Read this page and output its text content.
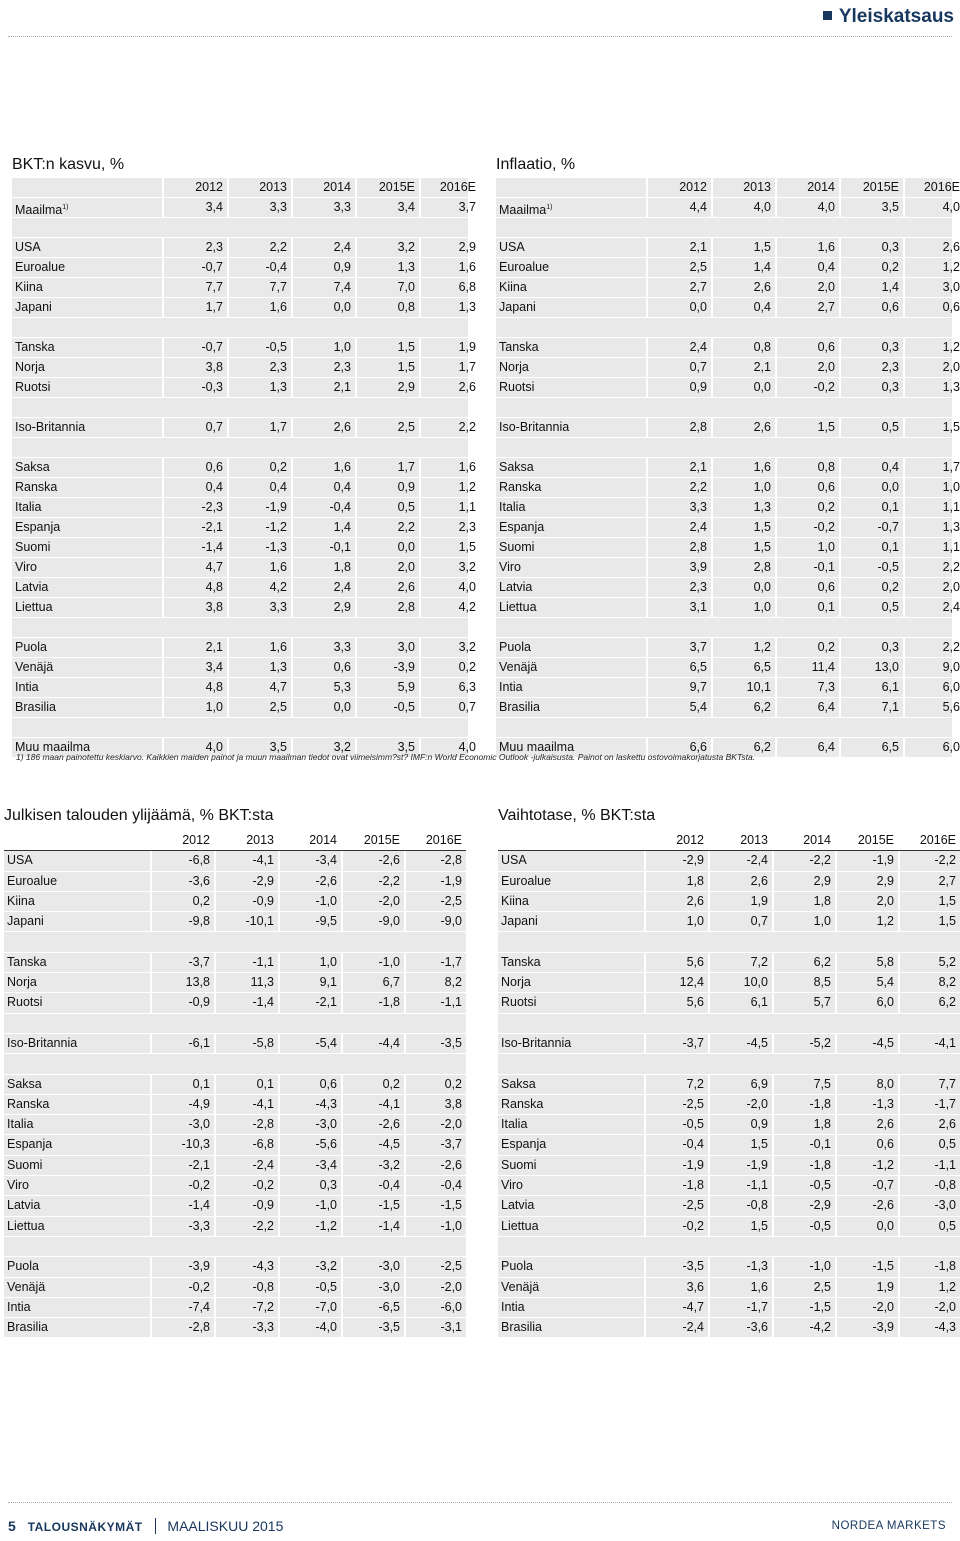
Yleiskatsaus
BKT:n kasvu, %
2012	2013	2014	2015E	2016E
Maailma$^{1)}$	3,4	3,3	3,3	3,4	3,7
USA	2,3	2,2	2,4	3,2	2,9
Euroalue	-0,7	-0,4	0,9	1,3	1,6
Kiina	7,7	7,7	7,4	7,0	6,8
Japani	1,7	1,6	0,0	0,8	1,3
Tanska	-0,7	-0,5	1,0	1,5	1,9
Norja	3,8	2,3	2,3	1,5	1,7
Ruotsi	-0,3	1,3	2,1	2,9	2,6
Iso-Britannia	0,7	1,7	2,6	2,5	2,2
Saksa	0,6	0,2	1,6	1,7	1,6
Ranska	0,4	0,4	0,4	0,9	1,2
Italia	-2,3	-1,9	-0,4	0,5	1,1
Espanja	-2,1	-1,2	1,4	2,2	2,3
Suomi	-1,4	-1,3	-0,1	0,0	1,5
Viro	4,7	1,6	1,8	2,0	3,2
Latvia	4,8	4,2	2,4	2,6	4,0
Liettua	3,8	3,3	2,9	2,8	4,2
Puola	2,1	1,6	3,3	3,0	3,2
Venäjä	3,4	1,3	0,6	-3,9	0,2
Intia	4,8	4,7	5,3	5,9	6,3
Brasilia	1,0	2,5	0,0	-0,5	0,7
Muu maailma	4,0	3,5	3,2	3,5	4,0
Inflaatio, %
2012	2013	2014	2015E	2016E
Maailma$^{1)}$	4,4	4,0	4,0	3,5	4,0
USA	2,1	1,5	1,6	0,3	2,6
Euroalue	2,5	1,4	0,4	0,2	1,2
Kiina	2,7	2,6	2,0	1,4	3,0
Japani	0,0	0,4	2,7	0,6	0,6
Tanska	2,4	0,8	0,6	0,3	1,2
Norja	0,7	2,1	2,0	2,3	2,0
Ruotsi	0,9	0,0	-0,2	0,3	1,3
Iso-Britannia	2,8	2,6	1,5	0,5	1,5
Saksa	2,1	1,6	0,8	0,4	1,7
Ranska	2,2	1,0	0,6	0,0	1,0
Italia	3,3	1,3	0,2	0,1	1,1
Espanja	2,4	1,5	-0,2	-0,7	1,3
Suomi	2,8	1,5	1,0	0,1	1,1
Viro	3,9	2,8	-0,1	-0,5	2,2
Latvia	2,3	0,0	0,6	0,2	2,0
Liettua	3,1	1,0	0,1	0,5	2,4
Puola	3,7	1,2	0,2	0,3	2,2
Venäjä	6,5	6,5	11,4	13,0	9,0
Intia	9,7	10,1	7,3	6,1	6,0
Brasilia	5,4	6,2	6,4	7,1	5,6
Muu maailma	6,6	6,2	6,4	6,5	6,0
1) 186 maan painotettu keskiarvo. Kaikkien maiden painot ja muun maailman tiedot ovat viimeisimm?st? IMF:n World Economic Outlook -julkaisusta. Painot on laskettu ostovoimakorjatusta BKTsta.
Julkisen talouden ylijäämä, % BKT:sta
2012	2013	2014	2015E	2016E
USA	-6,8	-4,1	-3,4	-2,6	-2,8
Euroalue	-3,6	-2,9	-2,6	-2,2	-1,9
Kiina	0,2	-0,9	-1,0	-2,0	-2,5
Japani	-9,8	-10,1	-9,5	-9,0	-9,0
Tanska	-3,7	-1,1	1,0	-1,0	-1,7
Norja	13,8	11,3	9,1	6,7	8,2
Ruotsi	-0,9	-1,4	-2,1	-1,8	-1,1
Iso-Britannia	-6,1	-5,8	-5,4	-4,4	-3,5
Saksa	0,1	0,1	0,6	0,2	0,2
Ranska	-4,9	-4,1	-4,3	-4,1	3,8
Italia	-3,0	-2,8	-3,0	-2,6	-2,0
Espanja	-10,3	-6,8	-5,6	-4,5	-3,7
Suomi	-2,1	-2,4	-3,4	-3,2	-2,6
Viro	-0,2	-0,2	0,3	-0,4	-0,4
Latvia	-1,4	-0,9	-1,0	-1,5	-1,5
Liettua	-3,3	-2,2	-1,2	-1,4	-1,0
Puola	-3,9	-4,3	-3,2	-3,0	-2,5
Venäjä	-0,2	-0,8	-0,5	-3,0	-2,0
Intia	-7,4	-7,2	-7,0	-6,5	-6,0
Brasilia	-2,8	-3,3	-4,0	-3,5	-3,1
Vaihtotase, % BKT:sta
2012	2013	2014	2015E	2016E
USA	-2,9	-2,4	-2,2	-1,9	-2,2
Euroalue	1,8	2,6	2,9	2,9	2,7
Kiina	2,6	1,9	1,8	2,0	1,5
Japani	1,0	0,7	1,0	1,2	1,5
Tanska	5,6	7,2	6,2	5,8	5,2
Norja	12,4	10,0	8,5	5,4	8,2
Ruotsi	5,6	6,1	5,7	6,0	6,2
Iso-Britannia	-3,7	-4,5	-5,2	-4,5	-4,1
Saksa	7,2	6,9	7,5	8,0	7,7
Ranska	-2,5	-2,0	-1,8	-1,3	-1,7
Italia	-0,5	0,9	1,8	2,6	2,6
Espanja	-0,4	1,5	-0,1	0,6	0,5
Suomi	-1,9	-1,9	-1,8	-1,2	-1,1
Viro	-1,8	-1,1	-0,5	-0,7	-0,8
Latvia	-2,5	-0,8	-2,9	-2,6	-3,0
Liettua	-0,2	1,5	-0,5	0,0	0,5
Puola	-3,5	-1,3	-1,0	-1,5	-1,8
Venäjä	3,6	1,6	2,5	1,9	1,2
Intia	-4,7	-1,7	-1,5	-2,0	-2,0
Brasilia	-2,4	-3,6	-4,2	-3,9	-4,3
5 TALOUSNÄKYMÄT MAALISKUU 2015	NORDEA MARKETS
